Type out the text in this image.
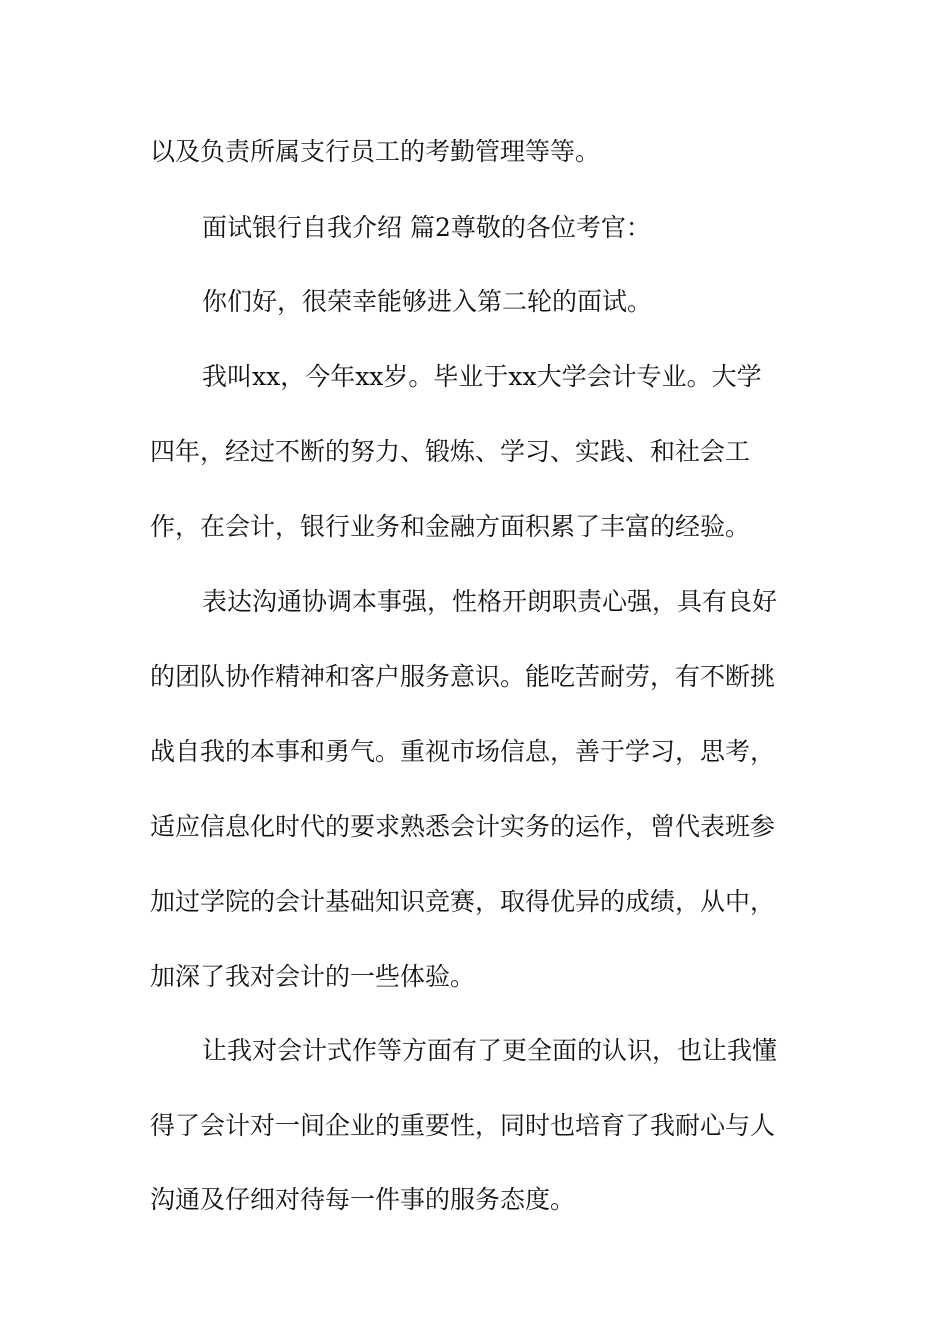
以及负责所属支行员工的考勤管理等等。
面试银行自我介绍 篇2尊敬的各位考官：
你们好，很荣幸能够进入第二轮的面试。
我叫xx，今年xx岁。毕业于xx大学会计专业。大学
四年，经过不断的努力、锻炼、学习、实践、和社会工
作，在会计，银行业务和金融方面积累了丰富的经验。
表达沟通协调本事强，性格开朗职责心强，具有良好
的团队协作精神和客户服务意识。能吃苦耐劳，有不断挑
战自我的本事和勇气。重视市场信息，善于学习，思考，
适应信息化时代的要求熟悉会计实务的运作，曾代表班参
加过学院的会计基础知识竞赛，取得优异的成绩，从中，
加深了我对会计的一些体验。
让我对会计式作等方面有了更全面的认识，也让我懂
得了会计对一间企业的重要性，同时也培育了我耐心与人
沟通及仔细对待每一件事的服务态度。
